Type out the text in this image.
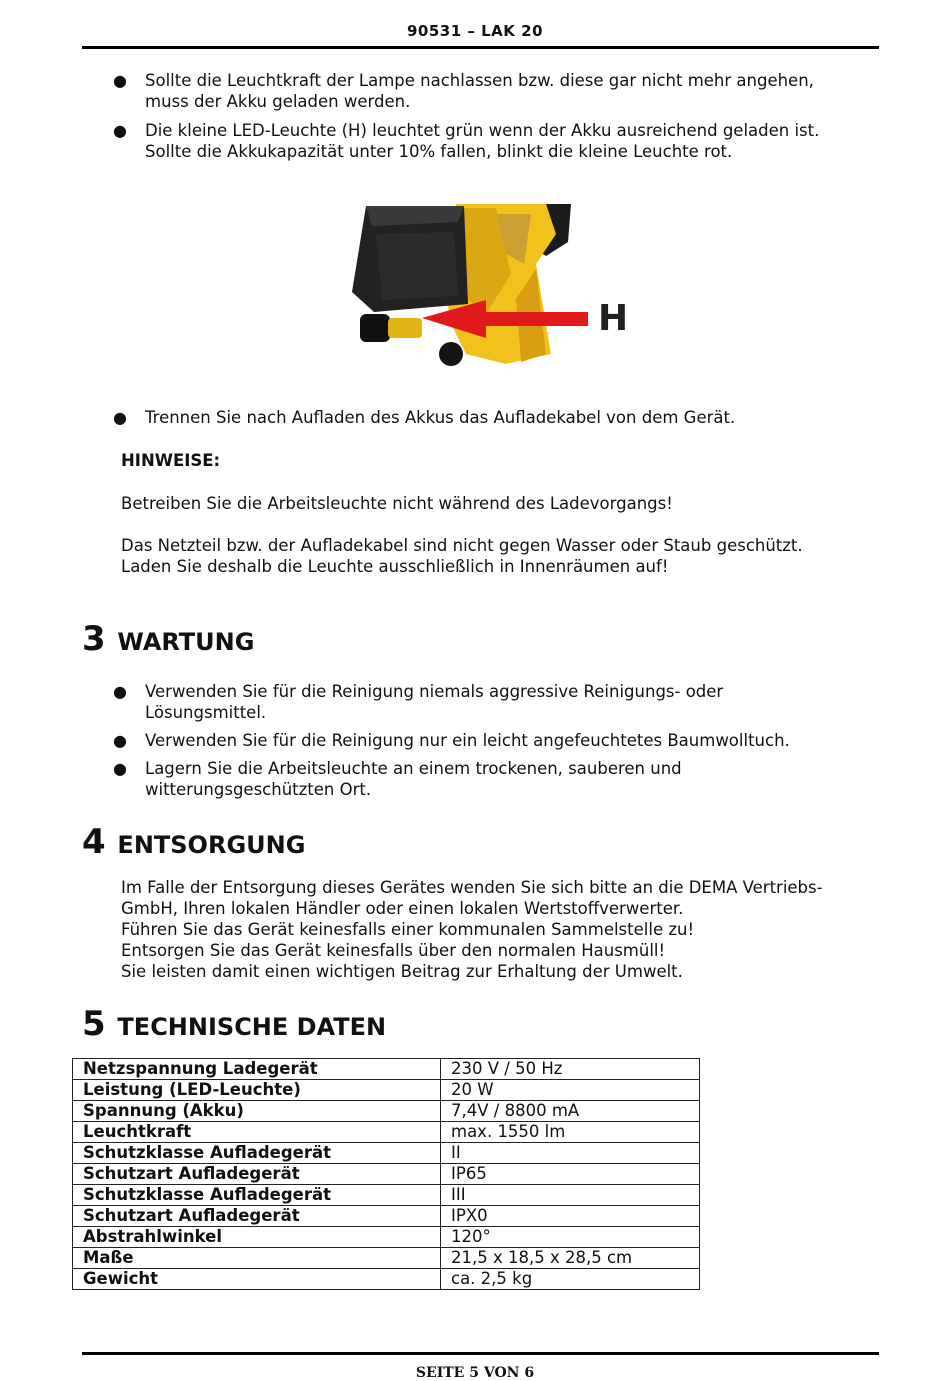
90531 – LAK 20
● Sollte die Leuchtkraft der Lampe nachlassen bzw. diese gar nicht mehr angehen,
muss der Akku geladen werden.
● Die kleine LED-Leuchte (H) leuchtet grün wenn der Akku ausreichend geladen ist.
Sollte die Akkukapazität unter 10% fallen, blinkt die kleine Leuchte rot.
H
● Trennen Sie nach Aufladen des Akkus das Aufladekabel von dem Gerät.
HINWEISE:
Betreiben Sie die Arbeitsleuchte nicht während des Ladevorgangs!
Das Netzteil bzw. der Aufladekabel sind nicht gegen Wasser oder Staub geschützt.
Laden Sie deshalb die Leuchte ausschließlich in Innenräumen auf!
3 WARTUNG
● Verwenden Sie für die Reinigung niemals aggressive Reinigungs- oder
Lösungsmittel.
● Verwenden Sie für die Reinigung nur ein leicht angefeuchtetes Baumwolltuch.
● Lagern Sie die Arbeitsleuchte an einem trockenen, sauberen und
witterungsgeschützten Ort.
4 ENTSORGUNG
Im Falle der Entsorgung dieses Gerätes wenden Sie sich bitte an die DEMA Vertriebs-
GmbH, Ihren lokalen Händler oder einen lokalen Wertstoffverwerter.
Führen Sie das Gerät keinesfalls einer kommunalen Sammelstelle zu!
Entsorgen Sie das Gerät keinesfalls über den normalen Hausmüll!
Sie leisten damit einen wichtigen Beitrag zur Erhaltung der Umwelt.
5 TECHNISCHE DATEN
Netzspannung Ladegerät	230 V / 50 Hz
Leistung (LED-Leuchte)	20 W
Spannung (Akku)	7,4V / 8800 mA
Leuchtkraft	max. 1550 lm
Schutzklasse Aufladegerät	II
Schutzart Aufladegerät	IP65
Schutzklasse Aufladegerät	III
Schutzart Aufladegerät	IPX0
Abstrahlwinkel	120°
Maße	21,5 x 18,5 x 28,5 cm
Gewicht	ca. 2,5 kg
SEITE 5 VON 6
